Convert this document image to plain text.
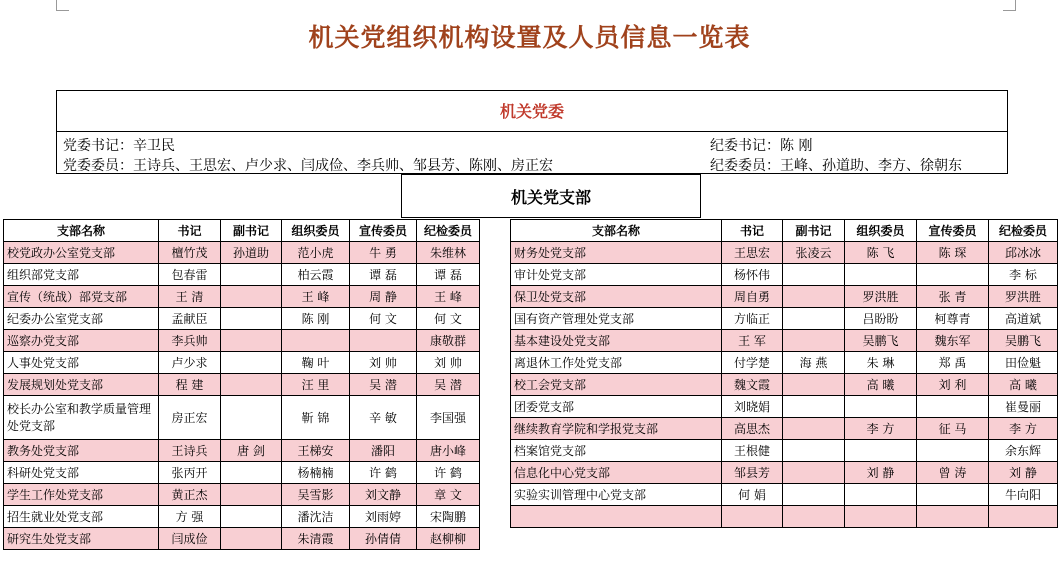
机关党组织机构设置及人员信息一览表
机关党委
党委书记：辛卫民
党委委员：王诗兵、王思宏、卢少求、闫成俭、李兵帅、邹县芳、陈刚、房正宏
纪委书记：陈 刚
纪委委员：王峰、孙道助、李方、徐朝东
机关党支部
支部名称	书记	副书记	组织委员	宣传委员	纪检委员
校党政办公室党支部	檀竹茂	孙道助	范小虎	牛 勇	朱维林
组织部党支部	包春雷		柏云霞	谭 磊	谭 磊
宣传（统战）部党支部	王 清		王 峰	周 静	王 峰
纪委办公室党支部	孟献臣		陈 刚	何 文	何 文
巡察办党支部	李兵帅				康敬群
人事处党支部	卢少求		鞠 叶	刘 帅	刘 帅
发展规划处党支部	程 建		汪 里	吴 潜	吴 潜
校长办公室和教学质量管理处党支部	房正宏		靳 锦	辛 敏	李国强
教务处党支部	王诗兵	唐 剑	王梯安	潘阳	唐小峰
科研处党支部	张丙开		杨楠楠	许 鹤	许 鹤
学生工作处党支部	黄正杰		吴雪影	刘文静	章 文
招生就业处党支部	方 强		潘沈洁	刘雨婷	宋陶鹏
研究生处党支部	闫成俭		朱清霞	孙倩倩	赵柳柳
支部名称	书记	副书记	组织委员	宣传委员	纪检委员
财务处党支部	王思宏	张凌云	陈 飞	陈 琛	邱冰冰
审计处党支部	杨怀伟				李 标
保卫处党支部	周自勇		罗洪胜	张 青	罗洪胜
国有资产管理处党支部	方临正		吕盼盼	柯尊青	高道斌
基本建设处党支部	王 军		吴鹏飞	魏东军	吴鹏飞
离退休工作处党支部	付学楚	海 燕	朱 琳	郑 禹	田俭魁
校工会党支部	魏文霞		高 曦	刘 利	高 曦
团委党支部	刘晓娟				崔曼丽
继续教育学院和学报党支部	高思杰		李 方	征 马	李 方
档案馆党支部	王根健				余东辉
信息化中心党支部	邹县芳		刘 静	曾 涛	刘 静
实验实训管理中心党支部	何 娟				牛向阳
